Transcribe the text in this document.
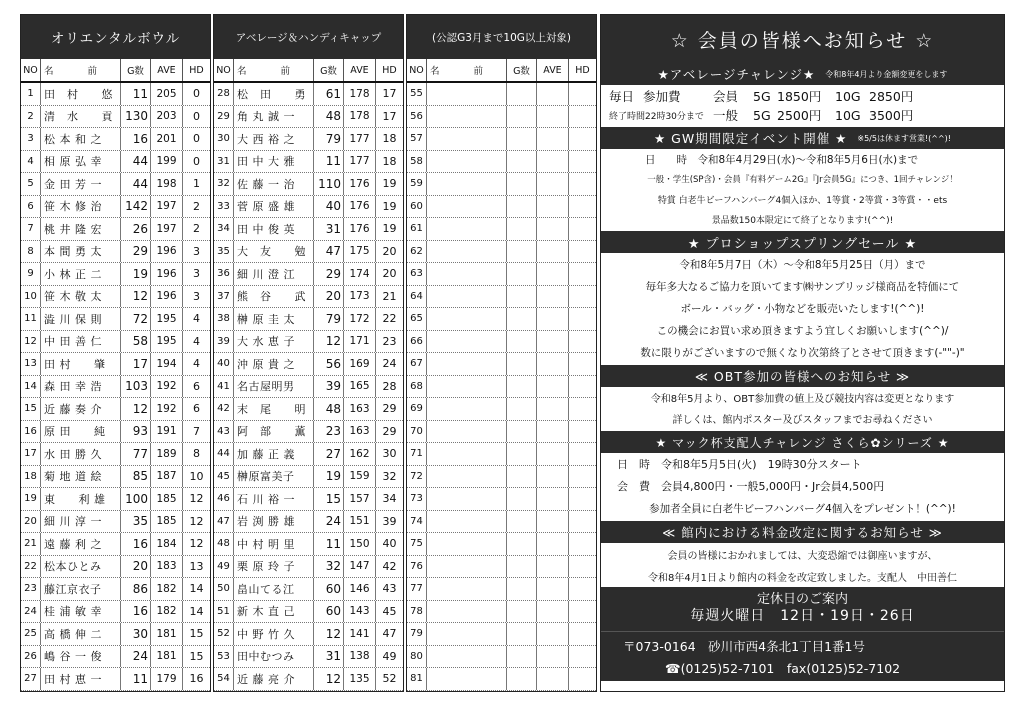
オリエンタルボウル
NO 名	前	G数	AVE	HD
1 田　村　　悠	11 205	0
2 清　水　　貢	130 203	0
3 松 本 和 之	16 201	0
4 相 原 弘 幸	44 199	0
5 金 田 芳 一	44 198	1
6 笹 木 修 治	142 197	2
7 桃 井 隆 宏	26 197	2
8 本 間 勇 太	29 196	3
9 小 林 正 二	19 196	3
10 笹 木 敬 太	12 196	3
11 澁 川 保 則	72 195	4
12 中 田 善 仁	58 195	4
13 田 村　　肇	17 194	4
14 森 田 幸 浩	103 192	6
15 近 藤 奏 介	12 192	6
16 原 田　　純	93 191	7
17 水 田 勝 久	77 189	8
18 菊 地 道 絵	85 187	10
19 東　　利 雄	100 185	12
20 細 川 淳 一	35 185	12
21 遠 藤 利 之	16 184	12
22 松本ひとみ	20 183	13
23 藤江京衣子	86 182	14
24 桂 浦 敏 幸	16 182	14
25 高 橋 伸 二	30 181	15
26 嶋 谷 一 俊	24 181	15
27 田 村 恵 一	11 179	16
アベレージ＆ハンディキャップ
NO 名	前	G数	AVE	HD
28 松　田　　勇	61 178	17
29 角 丸 誠 一	48 178	17
30 大 西 裕 之	79 177	18
31 田 中 大 雅	11 177	18
32 佐 藤 一 治	110 176	19
33 菅 原 盛 雄	40 176	19
34 田 中 俊 英	31 176	19
35 大　友　　勉	47 175	20
36 細 川 澄 江	29 174	20
37 熊　谷　　武	20 173	21
38 榊 原 圭 太	79 172	22
39 大 水 恵 子	12 171	23
40 沖 原 貴 之	56 169	24
41 名古屋明男	39 165	28
42 末　尾　　明	48 163	29
43 阿　部　　薫	23 163	29
44 加 藤 正 義	27 162	30
45 榊原富美子	19 159	32
46 石 川 裕 一	15 157	34
47 岩 渕 勝 雄	24 151	39
48 中 村 明 里	11 150	40
49 栗 原 玲 子	32 147	42
50 畠山てる江	60 146	43
51 新 木 直 己	60 143	45
52 中 野 竹 久	12 141	47
53 田中むつみ	31 138	49
54 近 藤 亮 介	12 135	52
(公認G3月まで10G以上対象)
NO 名	前	G数	AVE	HD
55
56
57
58
59
60
61
62
63
64
65
66
67
68
69
70
71
72
73
74
75
76
77
78
79
80
81
☆ 会員の皆様へお知らせ ☆
★アベレージチャレンジ★ 令和8年4月より金額変更をします
毎日 参加費	会員	5G 1850円	10G 2850円
終了時間22時30分まで 一般	5G 2500円	10G 3500円
★ GW期間限定イベント開催 ★ ※5/5は休ます営業!(^^)!
日　　時　令和8年4月29日(水)～令和8年5月6日(水)まで
一般・学生(SP含)・会員『有料ゲーム2G』『Jr会員5G』につき、1回チャレンジ！
特賞 白老牛ビーフハンバーグ4個入ほか、1等賞・2等賞・3等賞・・ets
景品数150本限定にて終了となります!(^^)!
★ プロショップスプリングセール ★
令和8年5月7日（木）～令和8年5月25日（月）まで
毎年多大なるご協力を頂いてます㈱サンブリッジ様商品を特価にて
ボール・バッグ・小物などを販売いたします!(^^)!
この機会にお買い求め頂きますよう宜しくお願いします(^^)/
数に限りがございますので無くなり次第終了とさせて頂きます(-""-)"
≪ OBT参加の皆様へのお知らせ ≫
令和8年5月より、OBT参加費の値上及び競技内容は変更となります
詳しくは、館内ポスター及びスタッフまでお尋ねください
★ マック杯支配人チャレンジ さくら✿シリーズ ★
日　時　令和8年5月5日(火)　19時30分スタート
会　費　会員4,800円・一般5,000円・Jr会員4,500円
参加者全員に白老牛ビーフハンバーグ4個入をプレゼント！(^^)!
≪ 館内における料金改定に関するお知らせ ≫
会員の皆様におかれましては、大変恐縮では御座いますが、
令和8年4月1日より館内の料金を改定致しました。支配人　中田善仁
定休日のご案内
毎週火曜日　12日・19日・26日
〒073-0164　砂川市西4条北1丁目1番1号
☎(0125)52-7101　fax(0125)52-7102
